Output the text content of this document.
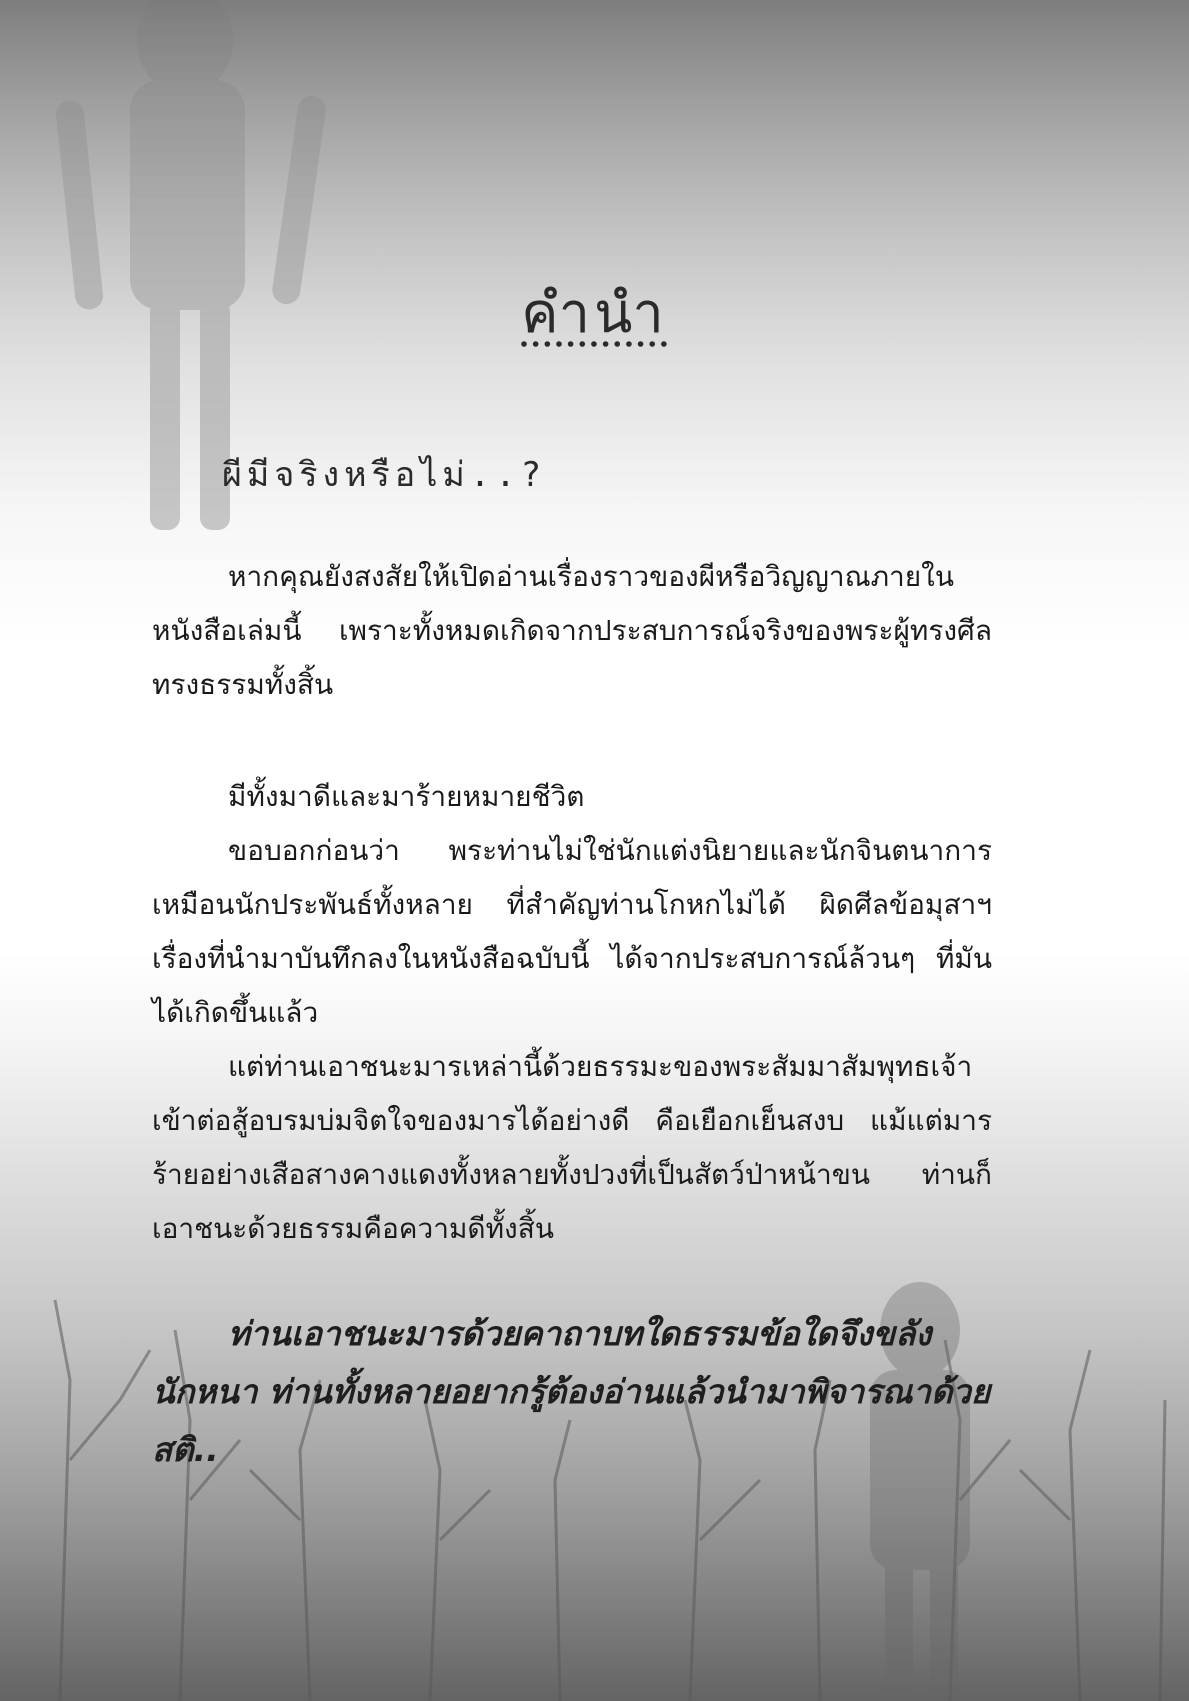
คำนำ
ผีมีจริงหรือไม่..?

หากคุณยังสงสัยให้เปิดอ่านเรื่องราวของผีหรือวิญญาณภายในหนังสือเล่มนี้ เพราะทั้งหมดเกิดจากประสบการณ์จริงของพระผู้ทรงศีลทรงธรรมทั้งสิ้น

มีทั้งมาดีและมาร้ายหมายชีวิต

ขอบอกก่อนว่า พระท่านไม่ใช่นักแต่งนิยายและนักจินตนาการเหมือนนักประพันธ์ทั้งหลาย ที่สำคัญท่านโกหกไม่ได้ ผิดศีลข้อมุสาฯเรื่องที่นำมาบันทึกลงในหนังสือฉบับนี้ ได้จากประสบการณ์ล้วนๆ ที่มันได้เกิดขึ้นแล้ว

แต่ท่านเอาชนะมารเหล่านี้ด้วยธรรมะของพระสัมมาสัมพุทธเจ้าเข้าต่อสู้อบรมบ่มจิตใจของมารได้อย่างดี คือเยือกเย็นสงบ แม้แต่มารร้ายอย่างเสือสางคางแดงทั้งหลายทั้งปวงที่เป็นสัตว์ป่าหน้าขน ท่านก็ เอาชนะด้วยธรรมคือความดีทั้งสิ้น

ท่านเอาชนะมารด้วยคาถาบทใดธรรมข้อใดจึงขลังนักหนา ท่านทั้งหลายอยากรู้ต้องอ่านแล้วนำมาพิจารณาด้วยสติ..
